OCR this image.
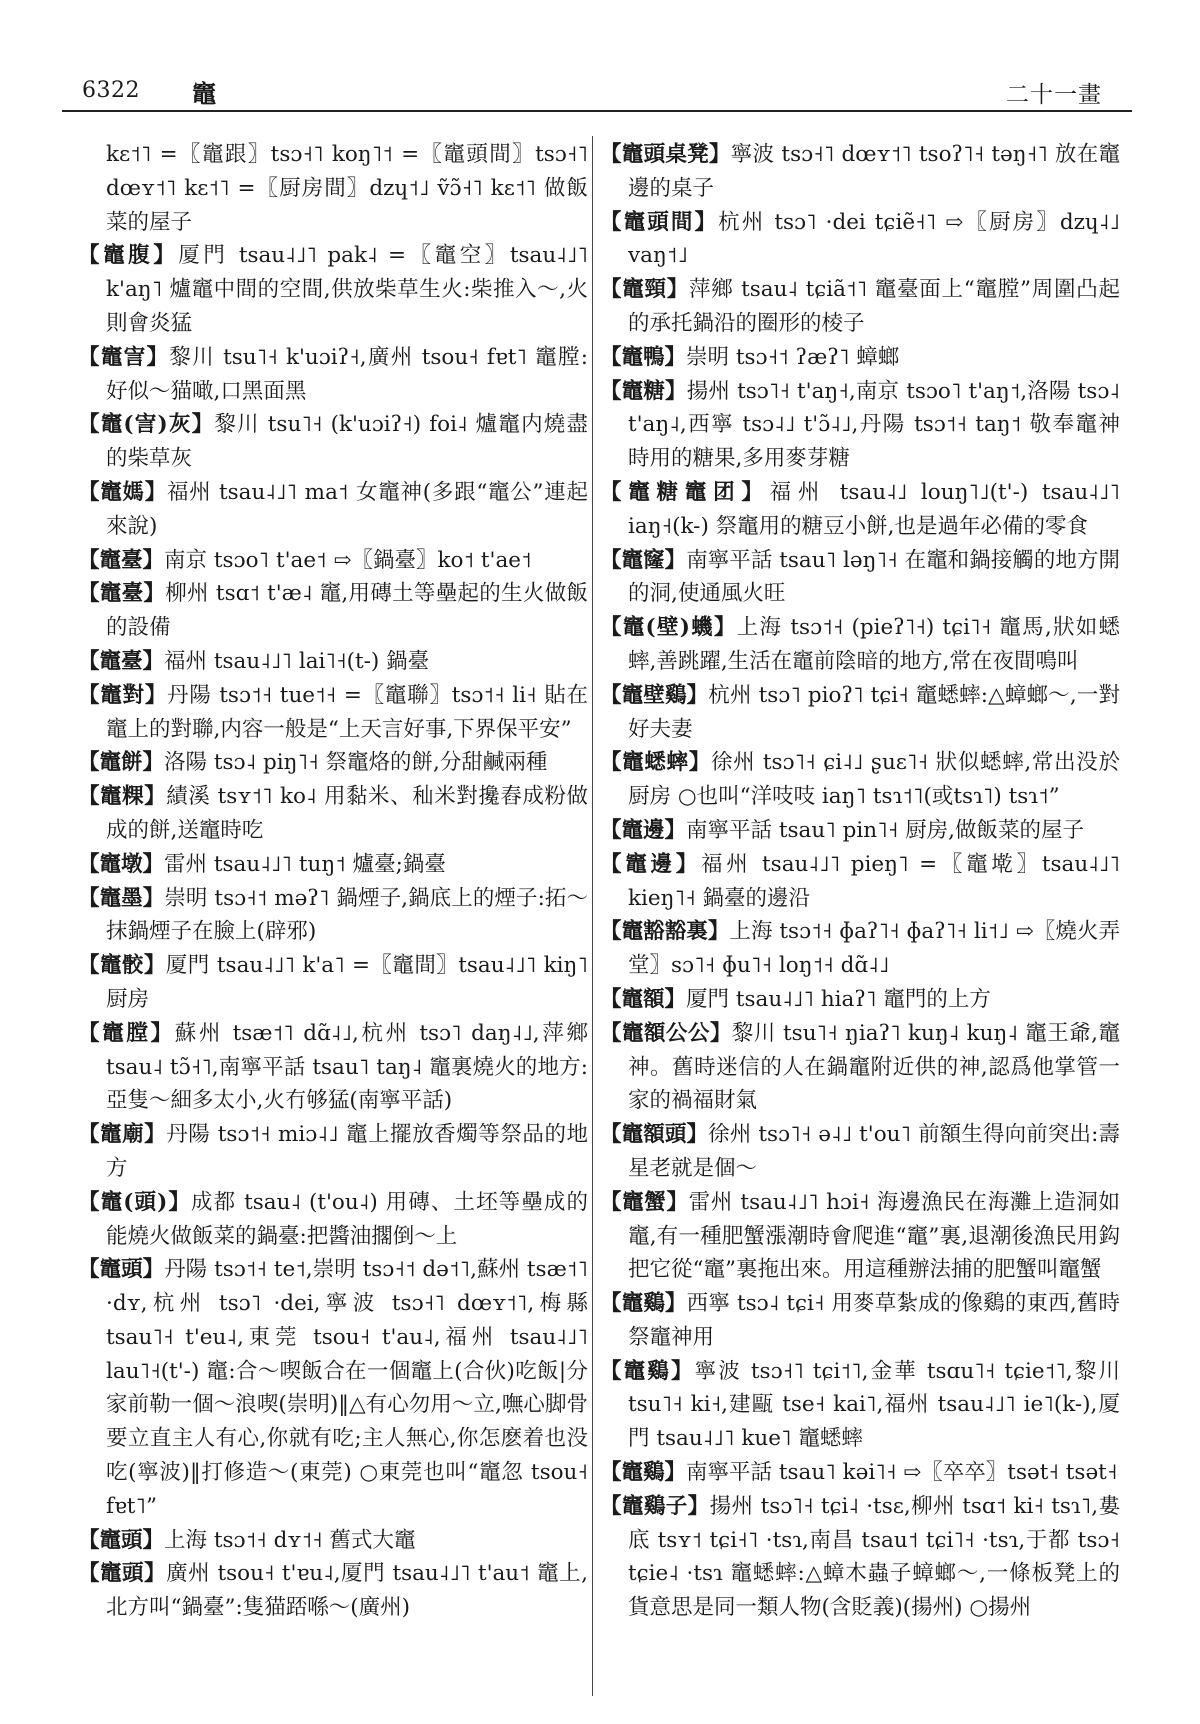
6322 竈	二十一畫

kɛ˦˥ =〖竈跟〗tsɔ˧˥ koŋ˥˦ =〖竈頭間〗tsɔ˧˥ dœʏ˦˥ kɛ˦˥ =〖厨房間〗dzɥ˦˩ ṽɔ̃˧˥ kɛ˦˥ 做飯菜的屋子

【竈腹】厦門 tsau˨˩˥ pak˨ =〖竈空〗tsau˨˩˥ k'aŋ˥ 爐竈中間的空間,供放柴草生火:柴推入～,火則會炎猛

【竈㝘】黎川 tsu˥˧ k'uɔiʔ˧,廣州 tsou˧ fɐt˥ 竈膛:好似～猫噉,口黑面黑

【竈(㝘)灰】黎川 tsu˥˧ (k'uɔiʔ˧) foi˨ 爐竈内燒盡的柴草灰

【竈媽】福州 tsau˨˩˥ ma˦ 女竈神(多跟“竈公”連起來說)

【竈臺】南京 tsɔo˥ t'ae˦ ⇨〖鍋臺〗ko˦ t'ae˦

【竈臺】柳州 tsɑ˦ t'æ˨ 竈,用磚土等壘起的生火做飯的設備

【竈臺】福州 tsau˨˩˥ lai˥˧(t-) 鍋臺

【竈對】丹陽 tsɔ˦˧ tue˦˧ =〖竈聯〗tsɔ˦˧ li˧ 貼在竈上的對聯,内容一般是“上天言好事,下界保平安”

【竈餅】洛陽 tsɔ˨ piŋ˥˧ 祭竈烙的餅,分甜鹹兩種

【竈粿】績溪 tsʏ˦˥ ko˨ 用黏米、秈米對攙舂成粉做成的餅,送竈時吃

【竈墩】雷州 tsau˨˩˥ tuŋ˦ 爐臺;鍋臺

【竈墨】崇明 tsɔ˧˦ məʔ˥ 鍋煙子,鍋底上的煙子:拓～抹鍋煙子在臉上(辟邪)

【竈骹】厦門 tsau˨˩˥ k'a˥ =〖竈間〗tsau˨˩˥ kiŋ˥ 厨房

【竈膛】蘇州 tsæ˦˥ dɑ̃˨˩,杭州 tsɔ˥ daŋ˨˩,萍鄉 tsau˨ tɔ̃˧˥,南寧平話 tsau˥ taŋ˨ 竈裏燒火的地方:亞隻～細多太小,火冇够猛(南寧平話)

【竈廟】丹陽 tsɔ˦˧ miɔ˨˩ 竈上擺放香燭等祭品的地方

【竈(頭)】成都 tsau˨ (t'ou˨) 用磚、土坯等壘成的能燒火做飯菜的鍋臺:把醬油擱倒～上

【竈頭】丹陽 tsɔ˦˧ te˦,崇明 tsɔ˧˦ də˦˥,蘇州 tsæ˦˥ ·dʏ,杭州 tsɔ˥ ·dei,寧波 tsɔ˧˥ dœʏ˦˥,梅縣 tsau˥˧ t'eu˨,東莞 tsou˧ t'au˨,福州 tsau˨˩˥ lau˥˧(t'-) 竈:合～喫飯合在一個竈上(合伙)吃飯|分家前勒一個～浪喫(崇明)‖△有心勿用～立,嘸心脚骨要立直主人有心,你就有吃;主人無心,你怎麽着也没吃(寧波)‖打修造～(東莞) ○東莞也叫“竈忽 tsou˧ fɐt˥”

【竈頭】上海 tsɔ˦˧ dʏ˦˧ 舊式大竈

【竈頭】廣州 tsou˧ t'ɐu˨,厦門 tsau˨˩˥ t'au˦ 竈上,北方叫“鍋臺”:隻猫踎喺～(廣州)

【竈頭桌凳】寧波 tsɔ˧˥ dœʏ˦˥ tsoʔ˥˧ təŋ˧˥ 放在竈邊的桌子

【竈頭間】杭州 tsɔ˥ ·dei tɕiẽ˧˥ ⇨〖厨房〗dzɥ˨˩ vaŋ˦˩

【竈頸】萍鄉 tsau˨ tɕiã˦˥ 竈臺面上“竈膛”周圍凸起的承托鍋沿的圈形的棱子

【竈鴨】崇明 tsɔ˧˦ ʔæʔ˥ 蟑螂

【竈糖】揚州 tsɔ˥˧ t'aŋ˧,南京 tsɔo˥ t'aŋ˦,洛陽 tsɔ˨ t'aŋ˨,西寧 tsɔ˨˩ t'ɔ̃˨˩,丹陽 tsɔ˦˧ taŋ˦ 敬奉竈神時用的糖果,多用麥芽糖

【竈糖竈团】福州 tsau˨˩ louŋ˥˩(t'-) tsau˨˩˥ iaŋ˧(k-) 祭竈用的糖豆小餅,也是過年必備的零食

【竈窿】南寧平話 tsau˥ ləŋ˥˧ 在竈和鍋接觸的地方開的洞,使通風火旺

【竈(壁)蟣】上海 tsɔ˦˧ (pieʔ˥˧) tɕi˥˧ 竈馬,狀如蟋蟀,善跳躍,生活在竈前陰暗的地方,常在夜間鳴叫

【竈壁鷄】杭州 tsɔ˥ pioʔ˥ tɕi˧ 竈蟋蟀:△蟑螂～,一對好夫妻

【竈蟋蟀】徐州 tsɔ˥˧ ɕi˨˩ ʂuɛ˥˧ 狀似蟋蟀,常出没於厨房 ○也叫“洋吱吱 iaŋ˥ tsɿ˦˥(或tsɿ˥) tsɿ˦”

【竈邊】南寧平話 tsau˥ pin˥˧ 厨房,做飯菜的屋子

【竈邊】福州 tsau˨˩˥ pieŋ˥ =〖竈墘〗tsau˨˩˥ kieŋ˥˧ 鍋臺的邊沿

【竈豁豁裏】上海 tsɔ˦˧ ɸaʔ˥˧ ɸaʔ˥˧ li˦˩ ⇨〖燒火弄堂〗sɔ˥˧ ɸu˥˧ loŋ˦˧ dɑ̃˨˩

【竈額】厦門 tsau˨˩˥ hiaʔ˥ 竈門的上方

【竈額公公】黎川 tsu˥˧ ŋiaʔ˥ kuŋ˨ kuŋ˨ 竈王爺,竈神。舊時迷信的人在鍋竈附近供的神,認爲他掌管一家的禍福財氣

【竈額頭】徐州 tsɔ˥˧ ə˨˩ t'ou˥ 前額生得向前突出:壽星老就是個～

【竈蟹】雷州 tsau˨˩˥ hɔi˧ 海邊漁民在海灘上造洞如竈,有一種肥蟹漲潮時會爬進“竈”裏,退潮後漁民用鈎把它從“竈”裏拖出來。用這種辦法捕的肥蟹叫竈蟹

【竈鷄】西寧 tsɔ˨ tɕi˧ 用麥草紮成的像鷄的東西,舊時祭竈神用

【竈鷄】寧波 tsɔ˧˥ tɕi˦˥,金華 tsɑu˥˧ tɕie˦˥,黎川 tsu˥˧ ki˧,建甌 tse˧ kai˥,福州 tsau˨˩˥ ie˥(k-),厦門 tsau˨˩˥ kue˥ 竈蟋蟀

【竈鷄】南寧平話 tsau˥ kəi˥˧ ⇨〖卒卒〗tsət˧ tsət˧

【竈鷄子】揚州 tsɔ˥˧ tɕi˨ ·tsɛ,柳州 tsɑ˦ ki˧ tsɿ˥,婁底 tsʏ˦ tɕi˧˥ ·tsɿ,南昌 tsau˦ tɕi˥˧ ·tsɿ,于都 tsɔ˧ tɕie˨ ·tsɿ 竈蟋蟀:△蟑木蟲子蟑螂～,一條板凳上的貨意思是同一類人物(含貶義)(揚州) ○揚州
